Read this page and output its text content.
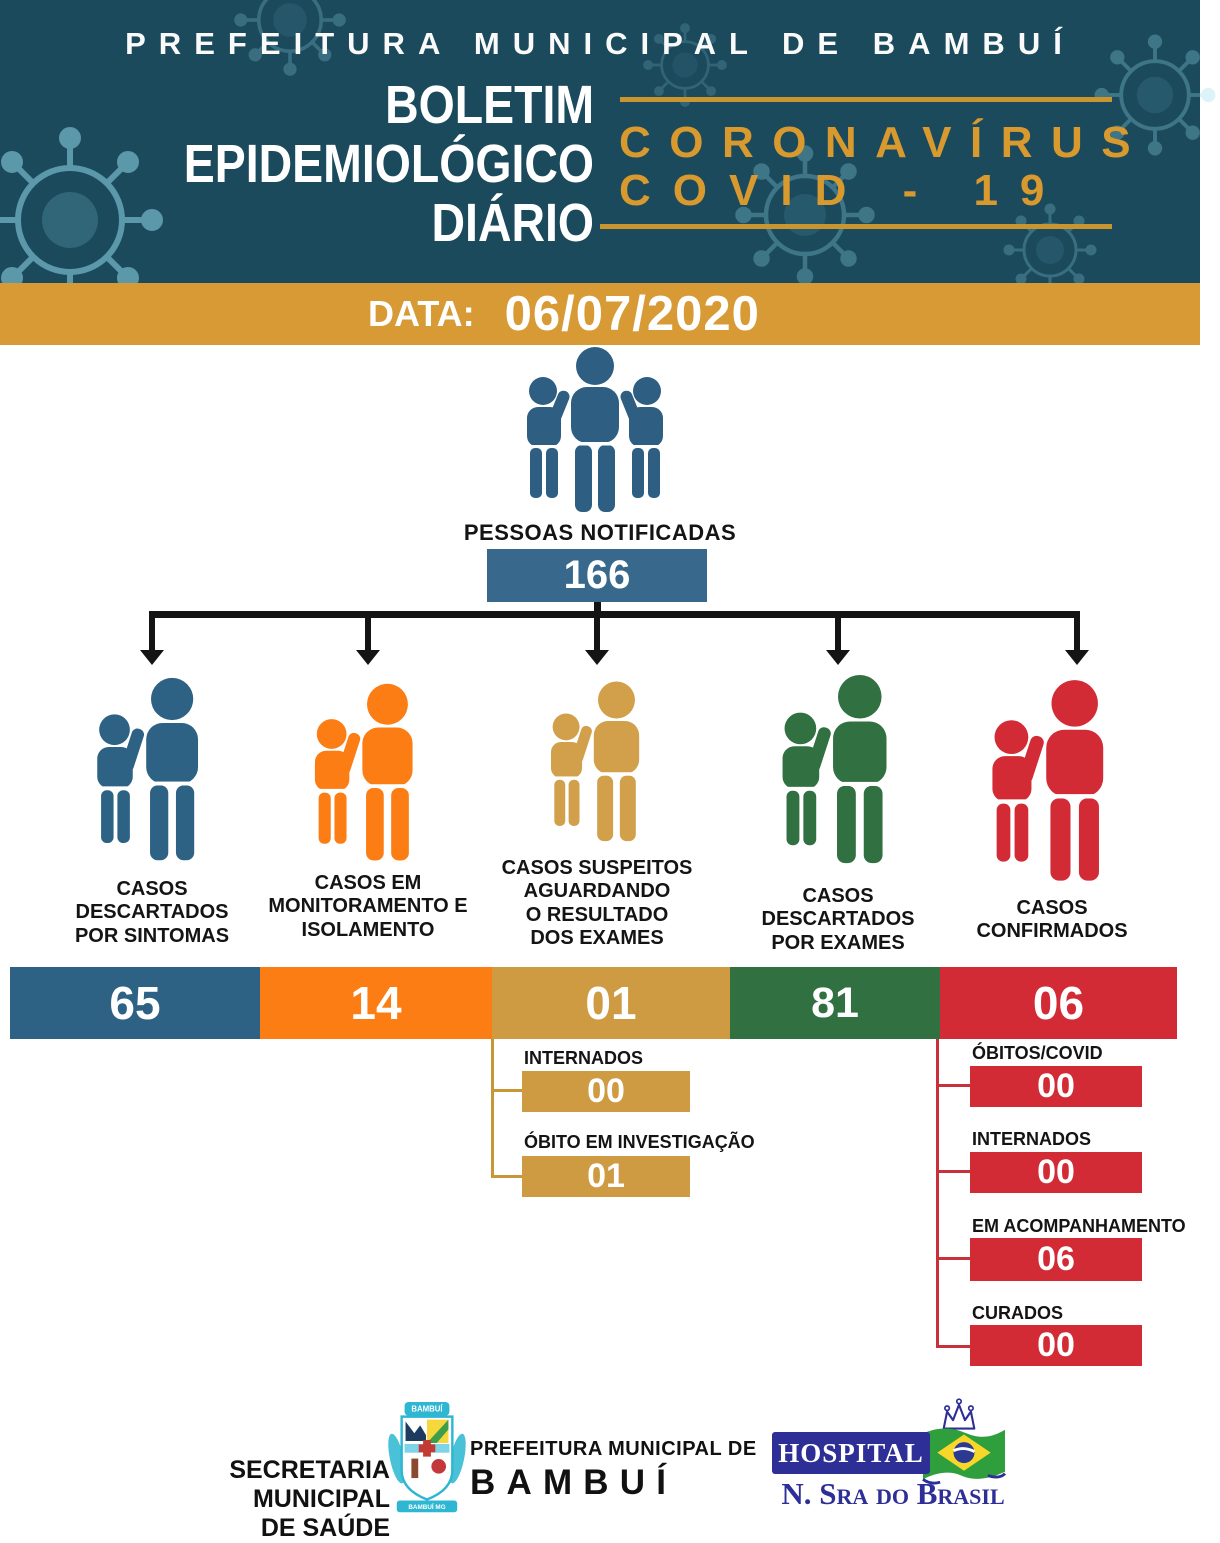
PREFEITURA MUNICIPAL DE BAMBUÍ
BOLETIM
EPIDEMIOLÓGICO
DIÁRIO
CORONAVÍRUS
COVID - 19
DATA: 06/07/2020
PESSOAS NOTIFICADAS
166
CASOS
DESCARTADOS
POR SINTOMAS
CASOS EM
MONITORAMENTO E
ISOLAMENTO
CASOS SUSPEITOS
AGUARDANDO
O RESULTADO
DOS EXAMES
CASOS
DESCARTADOS
POR EXAMES
CASOS
CONFIRMADOS
65	14	01	81	06
INTERNADOS
00
ÓBITO EM INVESTIGAÇÃO
01
ÓBITOS/COVID
00
INTERNADOS
00
EM ACOMPANHAMENTO
06
CURADOS
00
SECRETARIA MUNICIPAL
DE SAÚDE
BAMBUÍ
BAMBUÍ MG
PREFEITURA MUNICIPAL DE
BAMBUÍ
HOSPITAL
N. Sra do Brasil
